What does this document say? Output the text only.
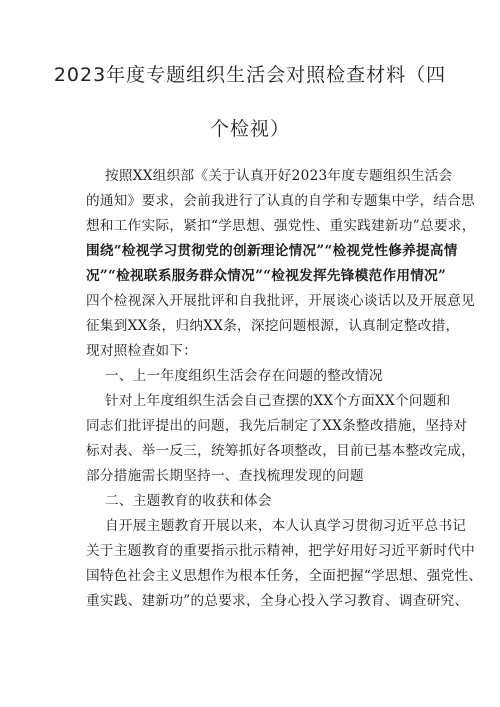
2023年度专题组织生活会对照检查材料（四
个检视）
按照XX组织部《关于认真开好2023年度专题组织生活会
的通知》要求，会前我进行了认真的自学和专题集中学，结合思
想和工作实际，紧扣“学思想、强党性、重实践建新功”总要求，
围绕“检视学习贯彻党的创新理论情况”“检视党性修养提高情
况”“检视联系服务群众情况”“检视发挥先锋模范作用情况”
四个检视深入开展批评和自我批评，开展谈心谈话以及开展意见
征集到XX条，归纳XX条，深挖问题根源，认真制定整改措，
现对照检查如下：
一、上一年度组织生活会存在问题的整改情况
针对上年度组织生活会自己查摆的XX个方面XX个问题和
同志们批评提出的问题，我先后制定了XX条整改措施，坚持对
标对表、举一反三，统筹抓好各项整改，目前已基本整改完成，
部分措施需长期坚持一、查找梳理发现的问题
二、主题教育的收获和体会
自开展主题教育开展以来，本人认真学习贯彻习近平总书记
关于主题教育的重要指示批示精神，把学好用好习近平新时代中
国特色社会主义思想作为根本任务，全面把握“学思想、强党性、
重实践、建新功”的总要求，全身心投入学习教育、调查研究、
